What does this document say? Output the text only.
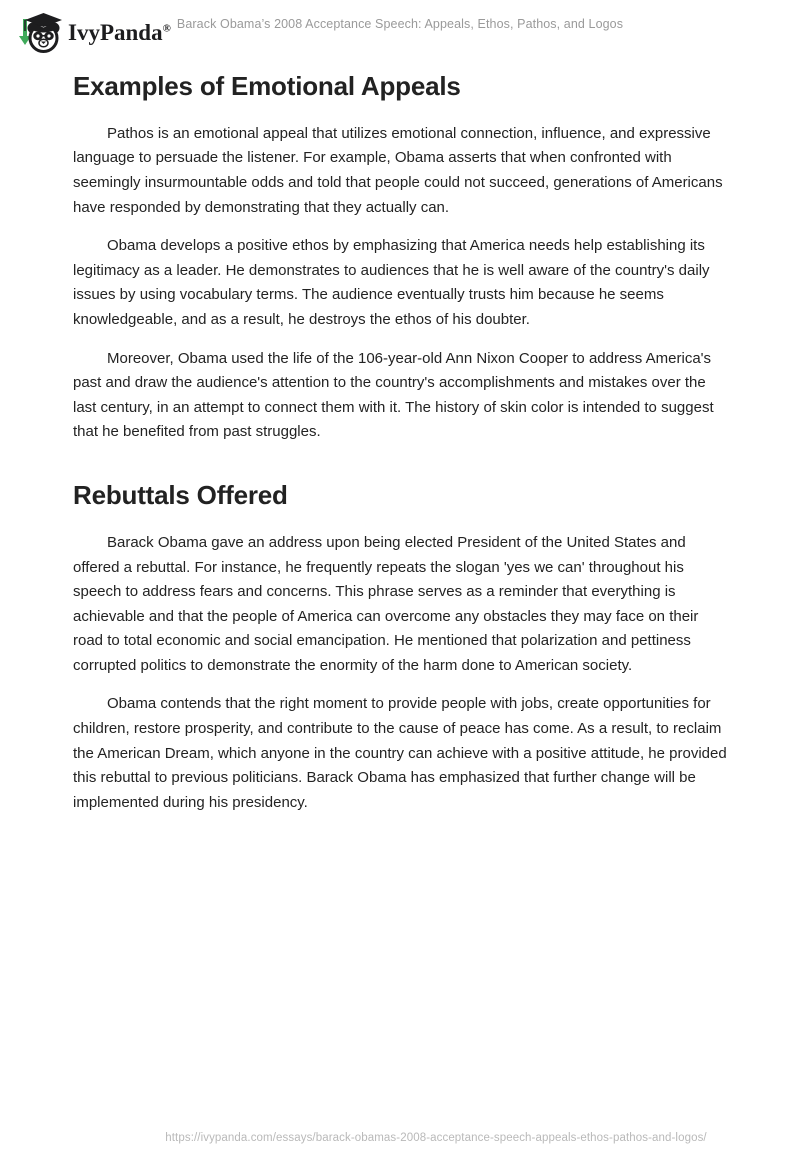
IvyPanda® Barack Obama’s 2008 Acceptance Speech: Appeals, Ethos, Pathos, and Logos
Examples of Emotional Appeals

Pathos is an emotional appeal that utilizes emotional connection, influence, and expressive language to persuade the listener. For example, Obama asserts that when confronted with seemingly insurmountable odds and told that people could not succeed, generations of Americans have responded by demonstrating that they actually can.

Obama develops a positive ethos by emphasizing that America needs help establishing its legitimacy as a leader. He demonstrates to audiences that he is well aware of the country's daily issues by using vocabulary terms. The audience eventually trusts him because he seems knowledgeable, and as a result, he destroys the ethos of his doubter.

Moreover, Obama used the life of the 106-year-old Ann Nixon Cooper to address America's past and draw the audience's attention to the country's accomplishments and mistakes over the last century, in an attempt to connect them with it. The history of skin color is intended to suggest that he benefited from past struggles.

Rebuttals Offered

Barack Obama gave an address upon being elected President of the United States and offered a rebuttal. For instance, he frequently repeats the slogan 'yes we can' throughout his speech to address fears and concerns. This phrase serves as a reminder that everything is achievable and that the people of America can overcome any obstacles they may face on their road to total economic and social emancipation. He mentioned that polarization and pettiness corrupted politics to demonstrate the enormity of the harm done to American society.

Obama contends that the right moment to provide people with jobs, create opportunities for children, restore prosperity, and contribute to the cause of peace has come. As a result, to reclaim the American Dream, which anyone in the country can achieve with a positive attitude, he provided this rebuttal to previous politicians. Barack Obama has emphasized that further change will be implemented during his presidency.

https://ivypanda.com/essays/barack-obamas-2008-acceptance-speech-appeals-ethos-pathos-and-logos/
